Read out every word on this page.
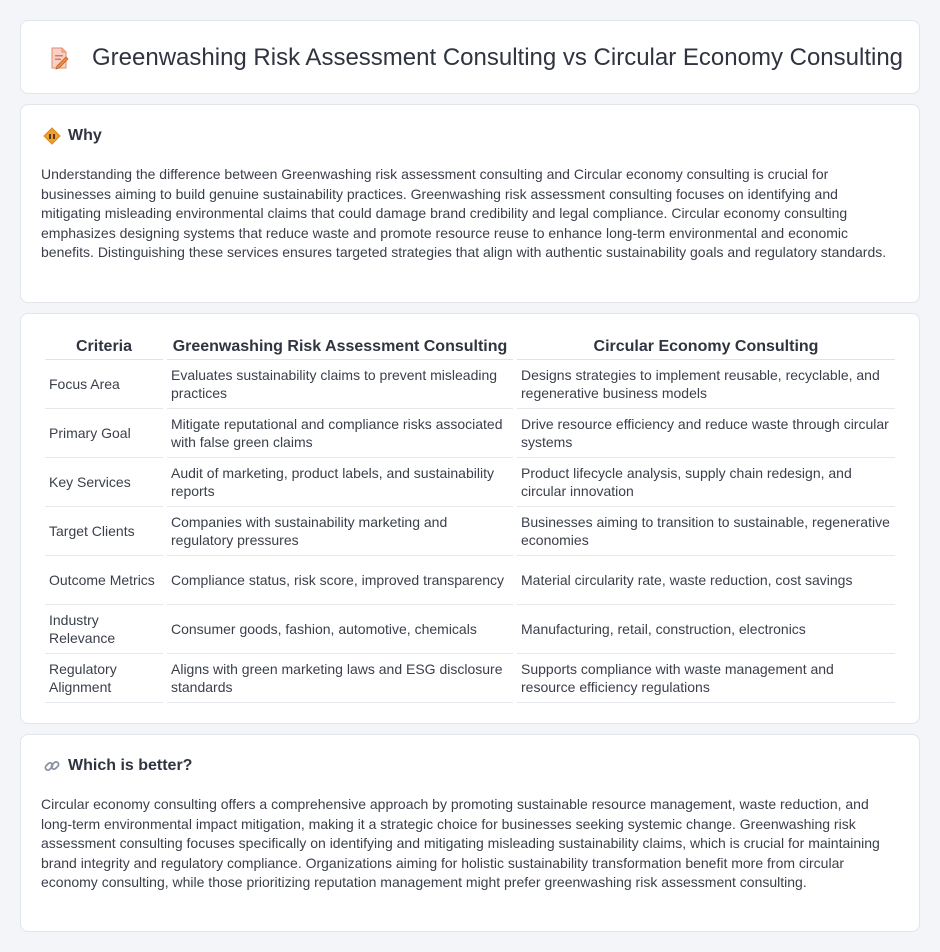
Greenwashing Risk Assessment Consulting vs Circular Economy Consulting
Why

Understanding the difference between Greenwashing risk assessment consulting and Circular economy consulting is crucial for businesses aiming to build genuine sustainability practices. Greenwashing risk assessment consulting focuses on identifying and mitigating misleading environmental claims that could damage brand credibility and legal compliance. Circular economy consulting emphasizes designing systems that reduce waste and promote resource reuse to enhance long-term environmental and economic benefits. Distinguishing these services ensures targeted strategies that align with authentic sustainability goals and regulatory standards.

Criteria	Greenwashing Risk Assessment Consulting	Circular Economy Consulting
Focus Area	Evaluates sustainability claims to prevent misleading practices	Designs strategies to implement reusable, recyclable, and regenerative business models
Primary Goal	Mitigate reputational and compliance risks associated with false green claims	Drive resource efficiency and reduce waste through circular systems
Key Services	Audit of marketing, product labels, and sustainability reports	Product lifecycle analysis, supply chain redesign, and circular innovation
Target Clients	Companies with sustainability marketing and regulatory pressures	Businesses aiming to transition to sustainable, regenerative economies
Outcome Metrics	Compliance status, risk score, improved transparency	Material circularity rate, waste reduction, cost savings
Industry Relevance	Consumer goods, fashion, automotive, chemicals	Manufacturing, retail, construction, electronics
Regulatory Alignment	Aligns with green marketing laws and ESG disclosure standards	Supports compliance with waste management and resource efficiency regulations
Which is better?

Circular economy consulting offers a comprehensive approach by promoting sustainable resource management, waste reduction, and long-term environmental impact mitigation, making it a strategic choice for businesses seeking systemic change. Greenwashing risk assessment consulting focuses specifically on identifying and mitigating misleading sustainability claims, which is crucial for maintaining brand integrity and regulatory compliance. Organizations aiming for holistic sustainability transformation benefit more from circular economy consulting, while those prioritizing reputation management might prefer greenwashing risk assessment consulting.
